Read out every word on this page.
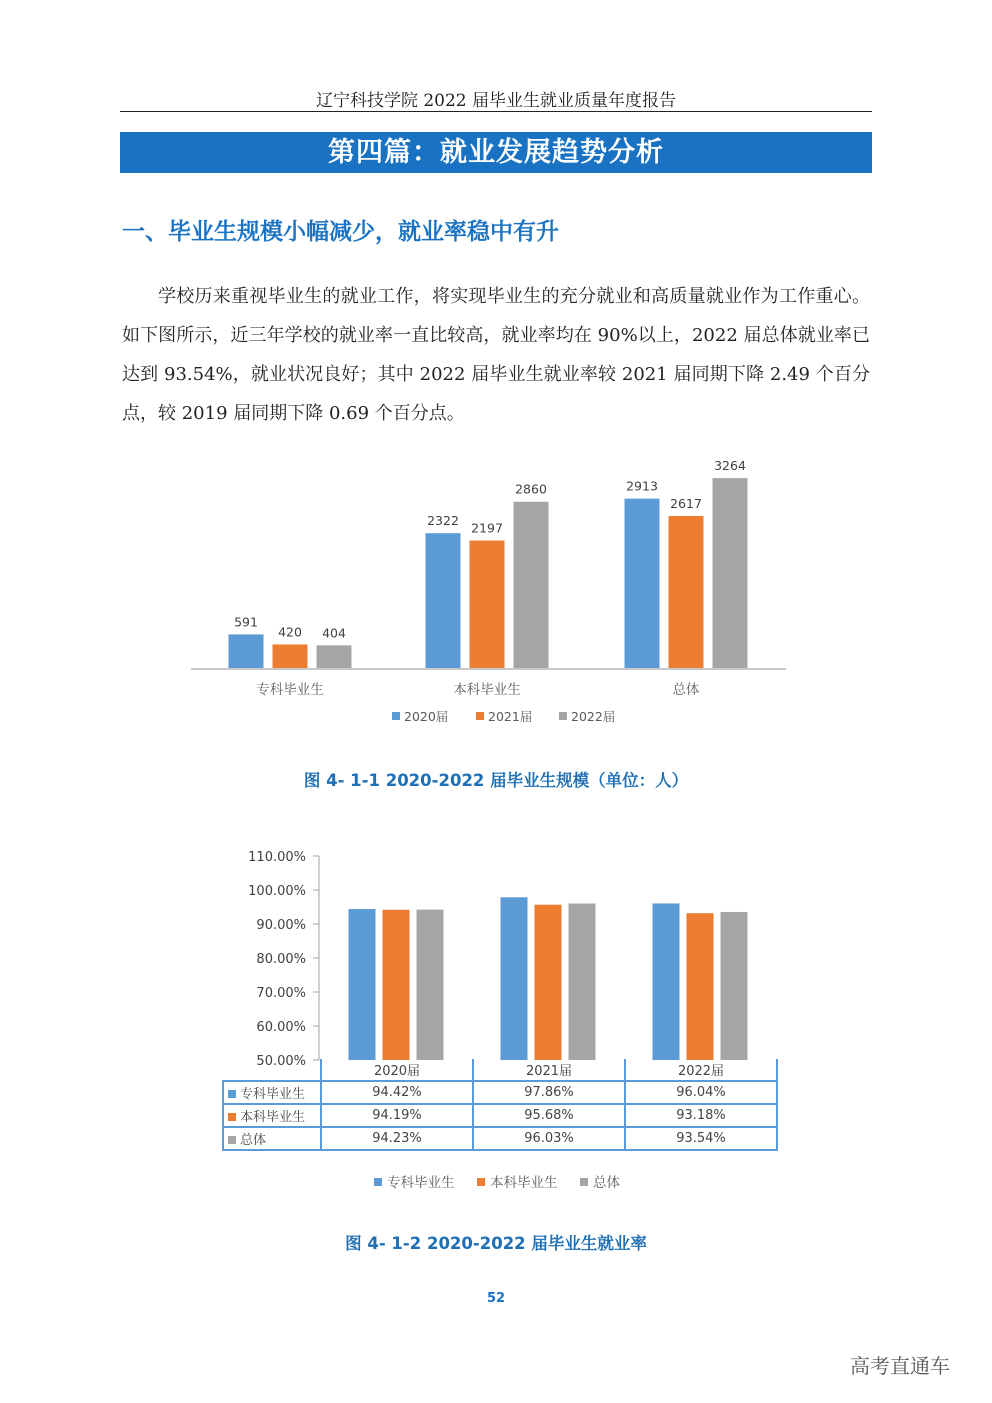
辽宁科技学院 2022 届毕业生就业质量年度报告
第四篇：就业发展趋势分析
一、毕业生规模小幅减少，就业率稳中有升

学校历来重视毕业生的就业工作，将实现毕业生的充分就业和高质量就业作为工作重心。如下图所示，近三年学校的就业率一直比较高，就业率均在 90%以上，2022 届总体就业率已达到 93.54%，就业状况良好；其中 2022 届毕业生就业率较 2021 届同期下降 2.49 个百分点，较 2019 届同期下降 0.69 个百分点。

591
420 404
2322 2197
2860	2913
2617
3264
专科毕业生	本科毕业生	总体
2020届	2021届	2022届
图 4- 1-1 2020-2022 届毕业生规模（单位：人）
110.00%
100.00%
90.00%
80.00%
70.00%
60.00%
50.00%
	2020届	2021届	2022届
专科毕业生	94.42%	97.86%	96.04%
本科毕业生	94.19%	95.68%	93.18%
总体	94.23%	96.03%	93.54%
专科毕业生	本科毕业生	总体
图 4- 1-2 2020-2022 届毕业生就业率
52
高考直通车
